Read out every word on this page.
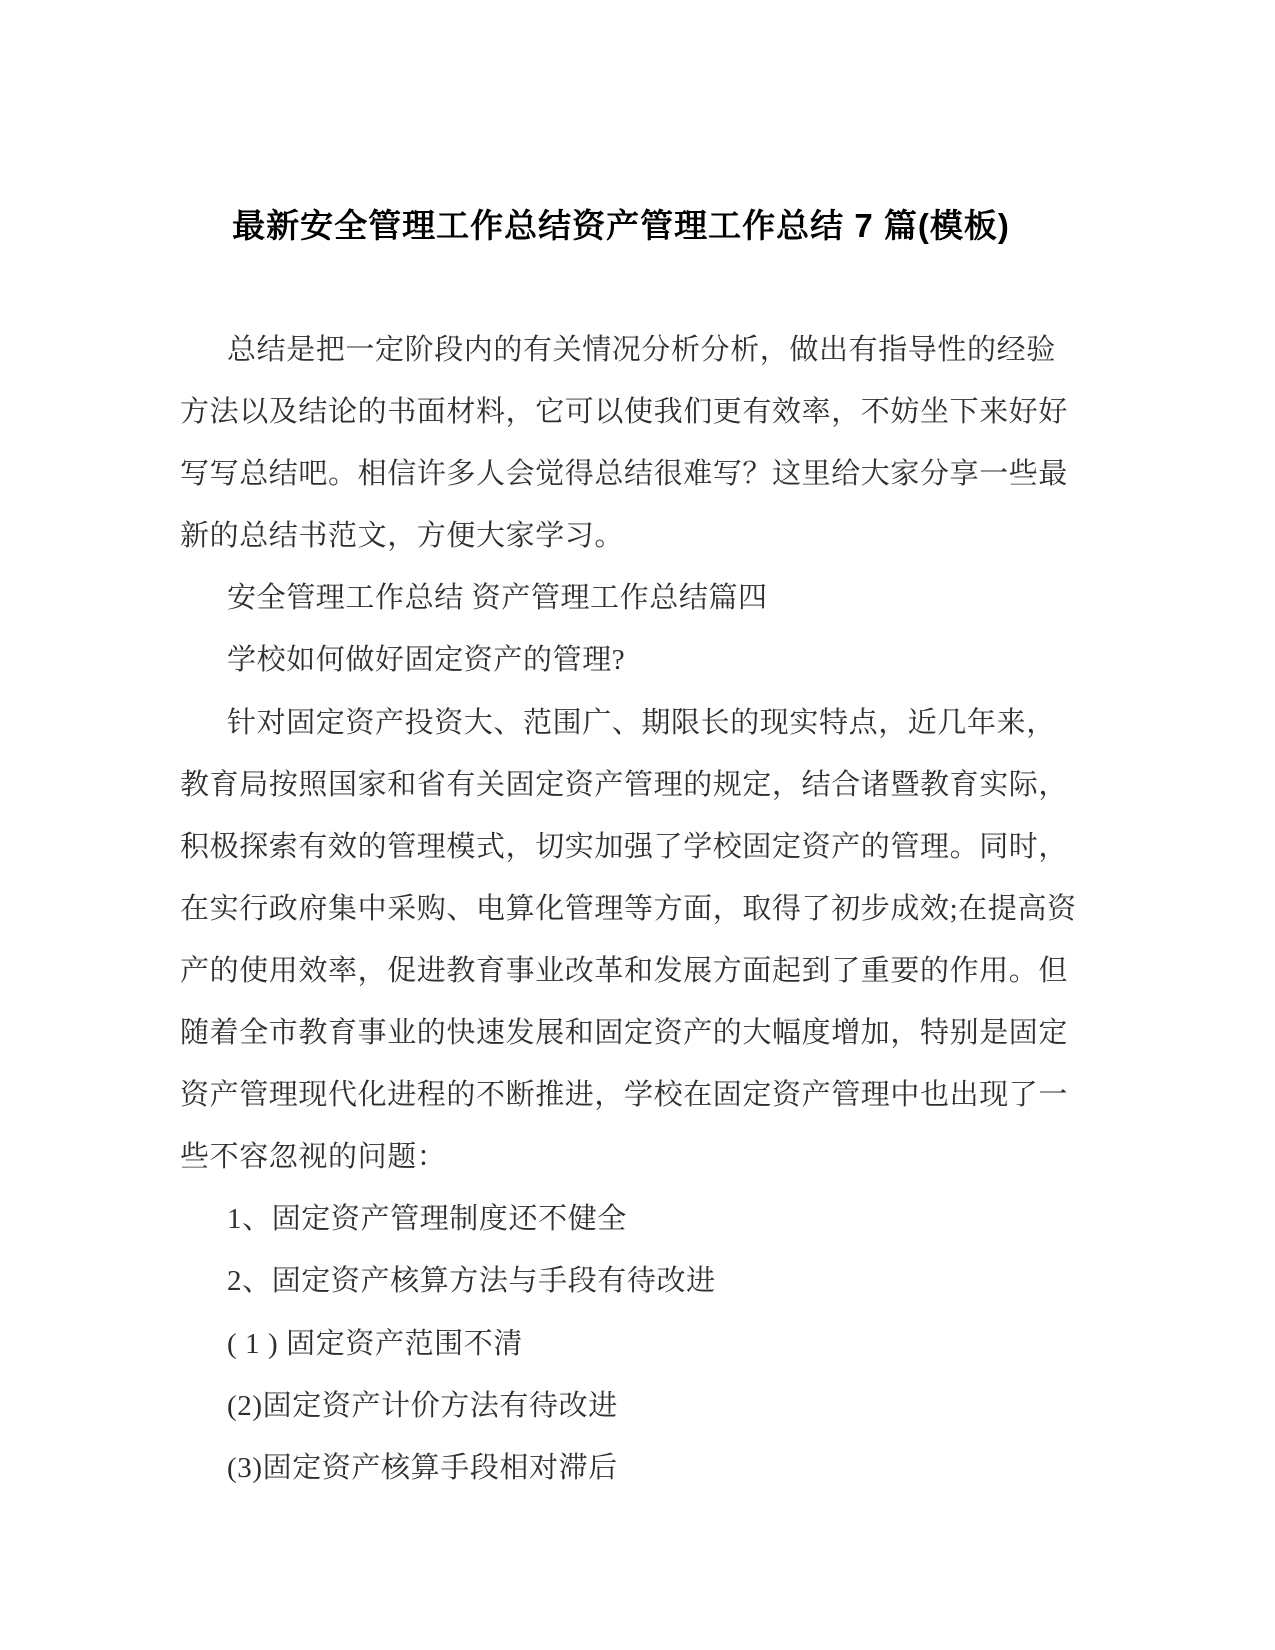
最新安全管理工作总结资产管理工作总结 7 篇(模板)
总结是把一定阶段内的有关情况分析分析，做出有指导性的经验
方法以及结论的书面材料，它可以使我们更有效率，不妨坐下来好好
写写总结吧。相信许多人会觉得总结很难写？这里给大家分享一些最
新的总结书范文，方便大家学习。
安全管理工作总结 资产管理工作总结篇四
学校如何做好固定资产的管理?
针对固定资产投资大、范围广、期限长的现实特点，近几年来，
教育局按照国家和省有关固定资产管理的规定，结合诸暨教育实际，
积极探索有效的管理模式，切实加强了学校固定资产的管理。同时，
在实行政府集中采购、电算化管理等方面，取得了初步成效;在提高资
产的使用效率，促进教育事业改革和发展方面起到了重要的作用。但
随着全市教育事业的快速发展和固定资产的大幅度增加，特别是固定
资产管理现代化进程的不断推进，学校在固定资产管理中也出现了一
些不容忽视的问题：
1、固定资产管理制度还不健全
2、固定资产核算方法与手段有待改进
( 1 ) 固定资产范围不清
(2)固定资产计价方法有待改进
(3)固定资产核算手段相对滞后
